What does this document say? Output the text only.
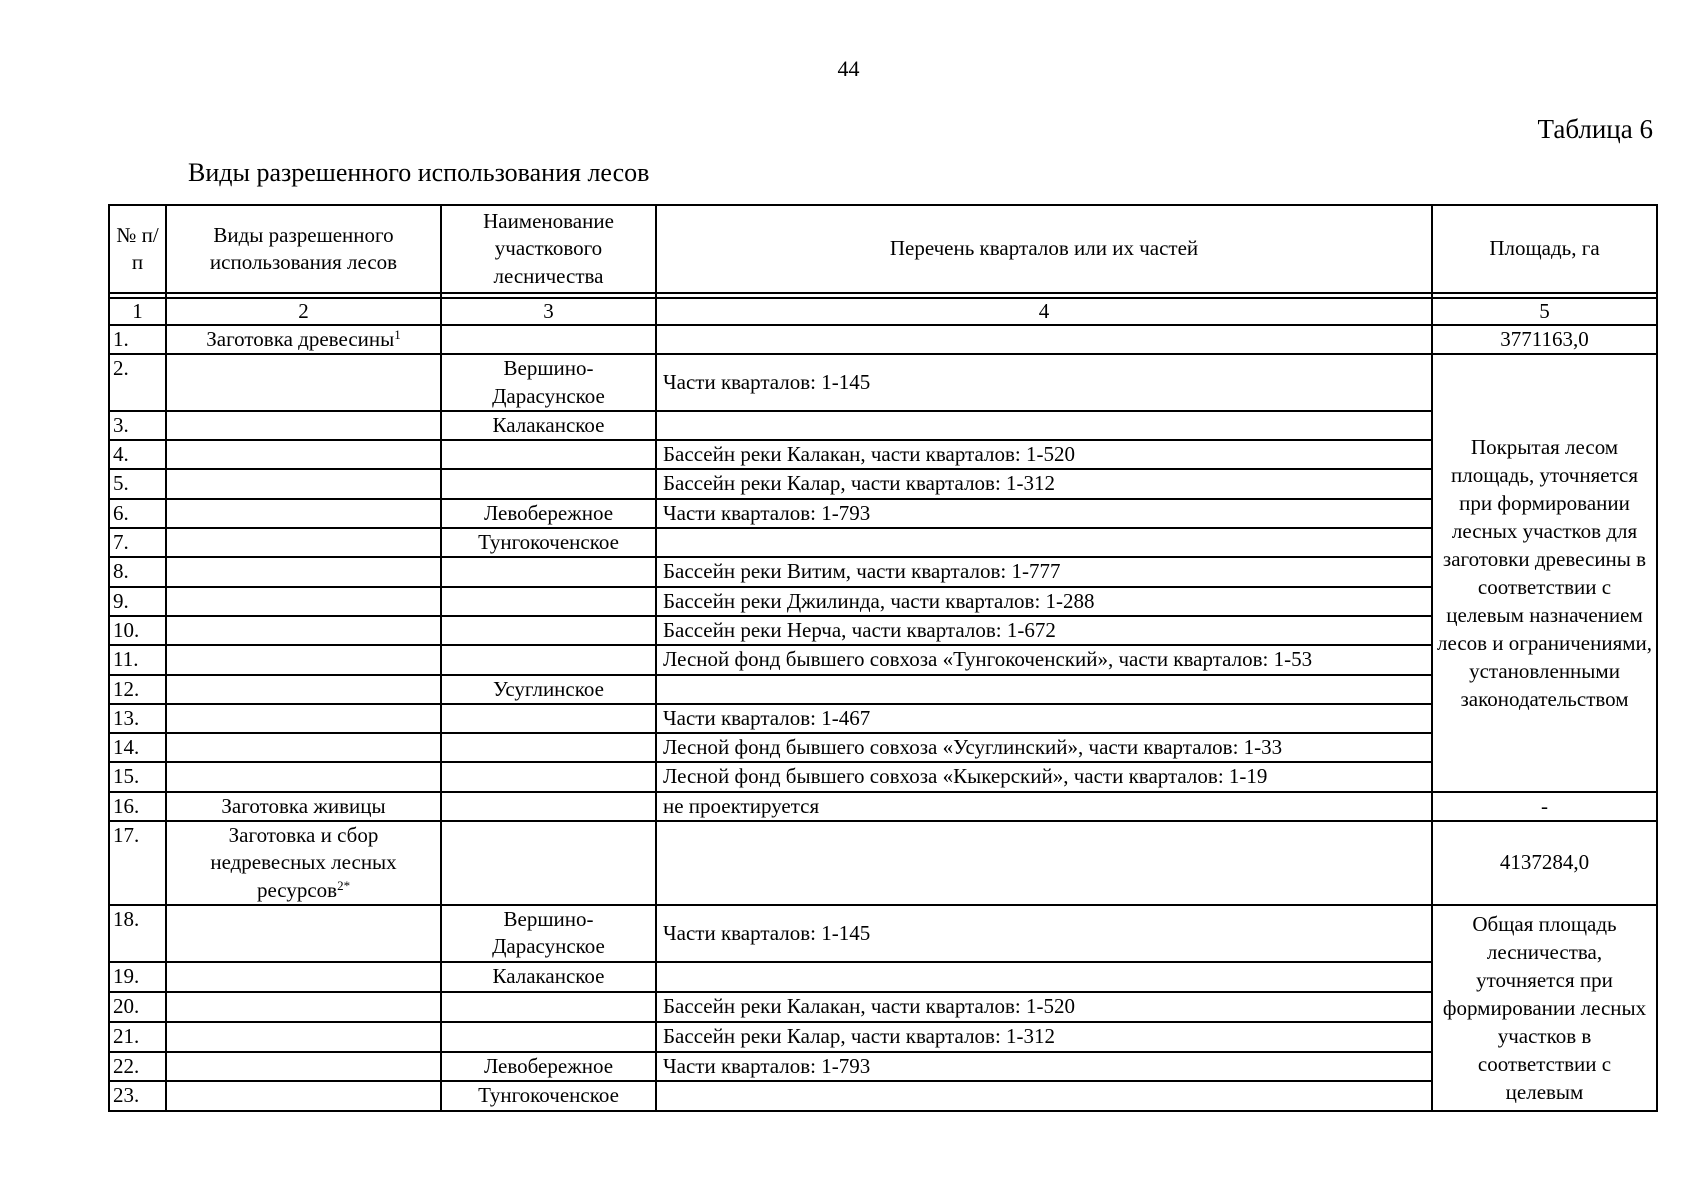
44
Таблица 6
Виды разрешенного использования лесов
№ п/п	Виды разрешенного использования лесов	Наименование участкового лесничества	Перечень кварталов или их частей	Площадь, га

1	2	3	4	5
1.	Заготовка древесины$^1$			3771163,0
2.		Вершино-Дарасунское	Части кварталов: 1-145	Покрытая лесом площадь, уточняется при формировании лесных участков для заготовки древесины в соответствии с целевым назначением лесов и ограничениями, установленными законодательством
3.		Калаканское		
4.			Бассейн реки Калакан, части кварталов: 1-520	
5.			Бассейн реки Калар, части кварталов: 1-312	
6.		Левобережное	Части кварталов: 1-793	
7.		Тунгокоченское		
8.			Бассейн реки Витим, части кварталов: 1-777	
9.			Бассейн реки Джилинда, части кварталов: 1-288	
10.			Бассейн реки Нерча, части кварталов: 1-672	
11.			Лесной фонд бывшего совхоза «Тунгокоченский», части кварталов: 1-53	
12.		Усуглинское		
13.			Части кварталов: 1-467	
14.			Лесной фонд бывшего совхоза «Усуглинский», части кварталов: 1-33	
15.			Лесной фонд бывшего совхоза «Кыкерский», части кварталов: 1-19	
16.	Заготовка живицы		не проектируется	-
17.	Заготовка и сбор недревесных лесных ресурсов$^{2*}$			4137284,0
18.		Вершино-Дарасунское	Части кварталов: 1-145	Общая площадь лесничества, уточняется при формировании лесных участков в соответствии с целевым
19.		Калаканское		
20.			Бассейн реки Калакан, части кварталов: 1-520	
21.			Бассейн реки Калар, части кварталов: 1-312	
22.		Левобережное	Части кварталов: 1-793	
23.		Тунгокоченское		
